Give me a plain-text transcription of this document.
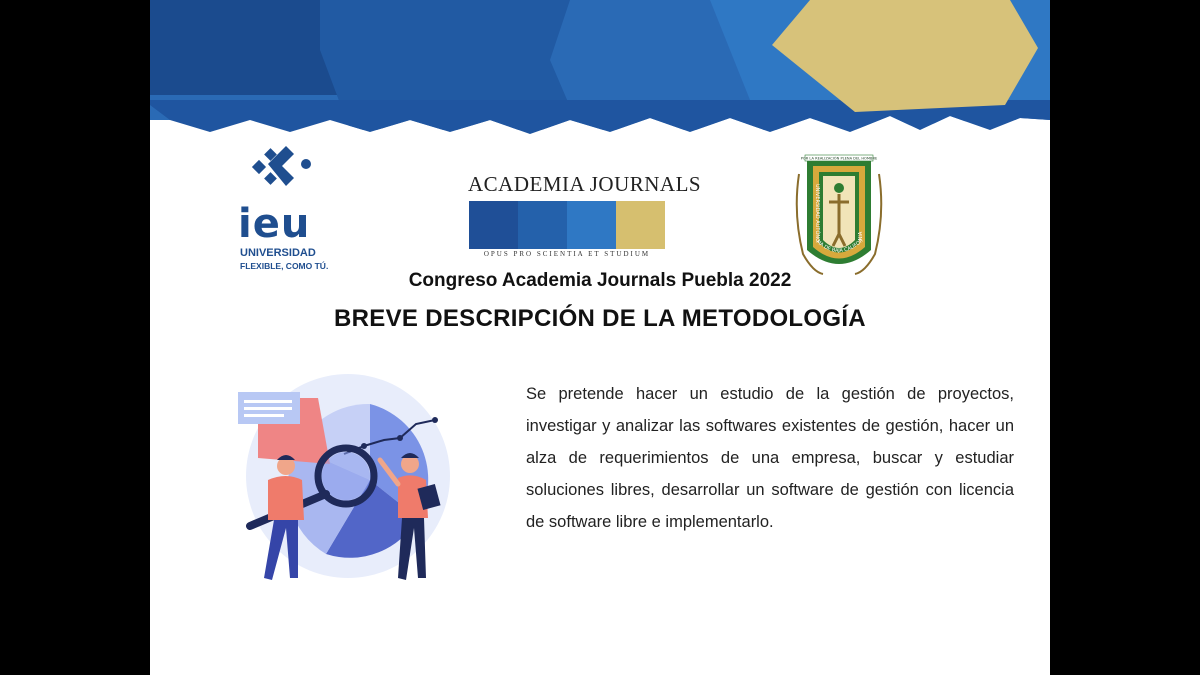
ieu
UNIVERSIDAD
FLEXIBLE, COMO TÚ.
ACADEMIA JOURNALS
OPUS PRO SCIENTIA ET STUDIUM
POR LA REALIZACIÓN PLENA DEL HOMBRE
UNIVERSIDAD AUTÓNOMA DE BAJA CALIFORNIA
Congreso Academia Journals Puebla 2022
BREVE DESCRIPCIÓN DE LA METODOLOGÍA
Se pretende hacer un estudio de la gestión de proyectos, investigar y analizar las softwares existentes de gestión, hacer un alza de requerimientos de una empresa, buscar y estudiar soluciones libres, desarrollar un software de gestión con licencia de software libre e implementarlo.
